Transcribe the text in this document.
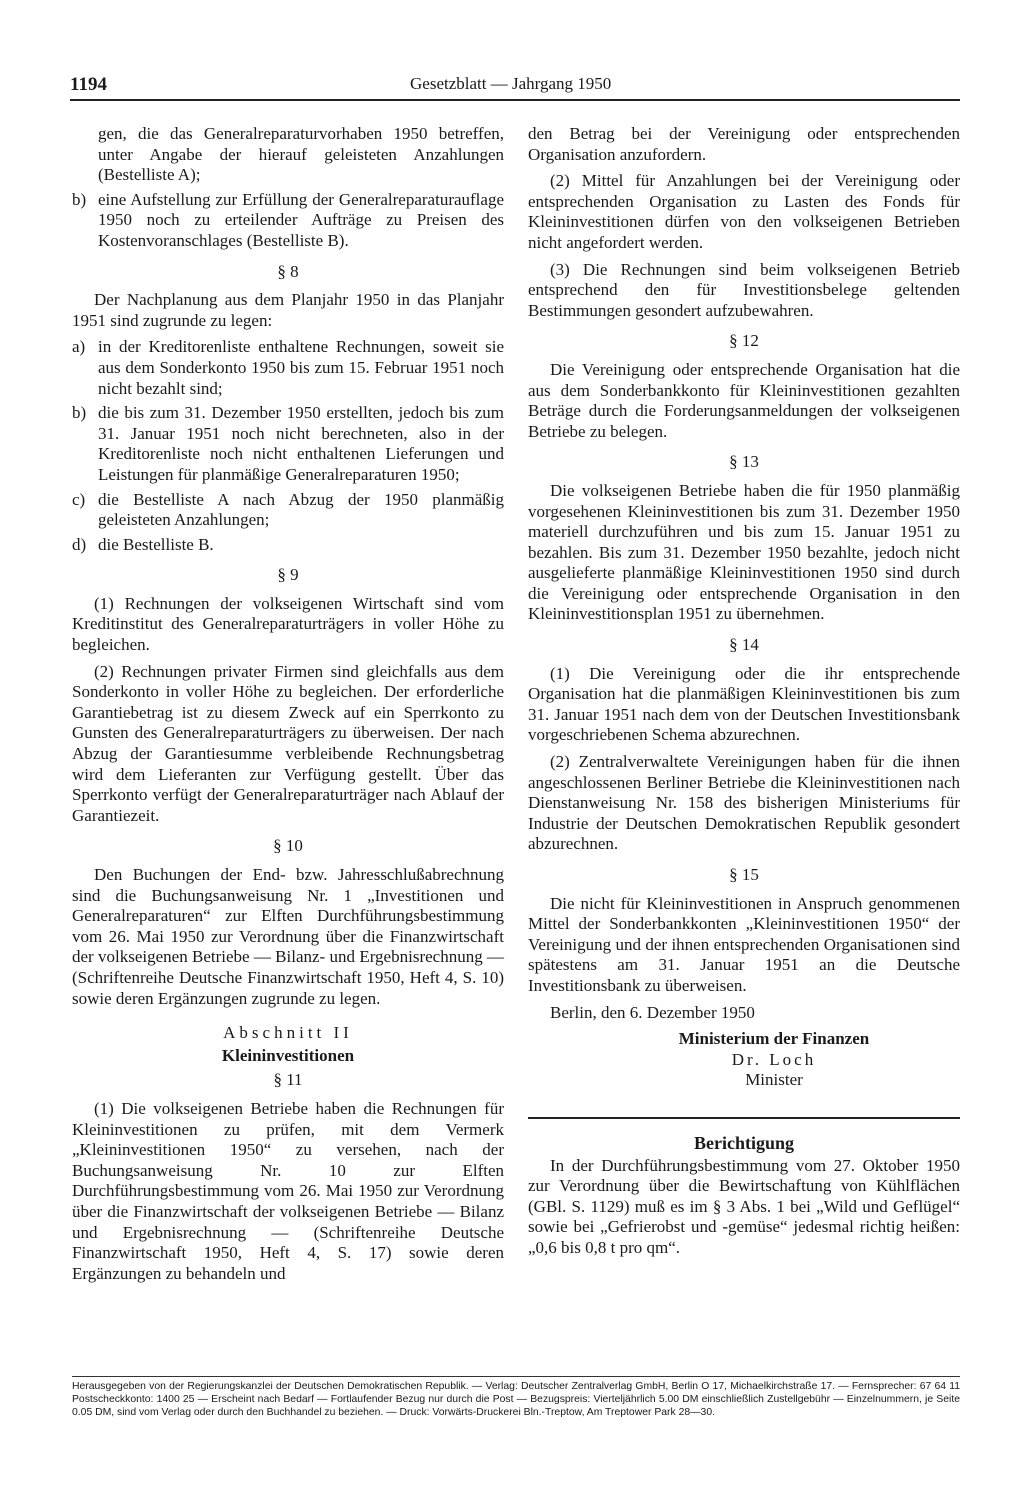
1194	Gesetzblatt — Jahrgang 1950
gen, die das Generalreparaturvorhaben 1950 betreffen, unter Angabe der hierauf geleisteten Anzahlungen (Bestelliste A);
b) eine Aufstellung zur Erfüllung der Generalreparaturauflage 1950 noch zu erteilender Aufträge zu Preisen des Kostenvoranschlages (Bestelliste B).
§ 8

Der Nachplanung aus dem Planjahr 1950 in das Planjahr 1951 sind zugrunde zu legen:

a) in der Kreditorenliste enthaltene Rechnungen, soweit sie aus dem Sonderkonto 1950 bis zum 15. Februar 1951 noch nicht bezahlt sind;
b) die bis zum 31. Dezember 1950 erstellten, jedoch bis zum 31. Januar 1951 noch nicht berechneten, also in der Kreditorenliste noch nicht enthaltenen Lieferungen und Leistungen für planmäßige Generalreparaturen 1950;
c) die Bestelliste A nach Abzug der 1950 planmäßig geleisteten Anzahlungen;
d) die Bestelliste B.
§ 9

(1) Rechnungen der volkseigenen Wirtschaft sind vom Kreditinstitut des Generalreparaturträgers in voller Höhe zu begleichen.

(2) Rechnungen privater Firmen sind gleichfalls aus dem Sonderkonto in voller Höhe zu begleichen. Der erforderliche Garantiebetrag ist zu diesem Zweck auf ein Sperrkonto zu Gunsten des Generalreparaturträgers zu überweisen. Der nach Abzug der Garantiesumme verbleibende Rechnungsbetrag wird dem Lieferanten zur Verfügung gestellt. Über das Sperrkonto verfügt der Generalreparaturträger nach Ablauf der Garantiezeit.

§ 10

Den Buchungen der End- bzw. Jahresschlußabrechnung sind die Buchungsanweisung Nr. 1 „Investitionen und Generalreparaturen“ zur Elften Durchführungsbestimmung vom 26. Mai 1950 zur Verordnung über die Finanzwirtschaft der volkseigenen Betriebe — Bilanz- und Ergebnisrechnung — (Schriftenreihe Deutsche Finanzwirtschaft 1950, Heft 4, S. 10) sowie deren Ergänzungen zugrunde zu legen.

Abschnitt II
Kleininvestitionen
§ 11

(1) Die volkseigenen Betriebe haben die Rechnungen für Kleininvestitionen zu prüfen, mit dem Vermerk „Kleininvestitionen 1950“ zu versehen, nach der Buchungsanweisung Nr. 10 zur Elften Durchführungsbestimmung vom 26. Mai 1950 zur Verordnung über die Finanzwirtschaft der volkseigenen Betriebe — Bilanz und Ergebnisrechnung — (Schriftenreihe Deutsche Finanzwirtschaft 1950, Heft 4, S. 17) sowie deren Ergänzungen zu behandeln und

den Betrag bei der Vereinigung oder entsprechenden Organisation anzufordern.

(2) Mittel für Anzahlungen bei der Vereinigung oder entsprechenden Organisation zu Lasten des Fonds für Kleininvestitionen dürfen von den volkseigenen Betrieben nicht angefordert werden.

(3) Die Rechnungen sind beim volkseigenen Betrieb entsprechend den für Investitionsbelege geltenden Bestimmungen gesondert aufzubewahren.

§ 12

Die Vereinigung oder entsprechende Organisation hat die aus dem Sonderbankkonto für Kleininvestitionen gezahlten Beträge durch die Forderungsanmeldungen der volkseigenen Betriebe zu belegen.

§ 13

Die volkseigenen Betriebe haben die für 1950 planmäßig vorgesehenen Kleininvestitionen bis zum 31. Dezember 1950 materiell durchzuführen und bis zum 15. Januar 1951 zu bezahlen. Bis zum 31. Dezember 1950 bezahlte, jedoch nicht ausgelieferte planmäßige Kleininvestitionen 1950 sind durch die Vereinigung oder entsprechende Organisation in den Kleininvestitionsplan 1951 zu übernehmen.

§ 14

(1) Die Vereinigung oder die ihr entsprechende Organisation hat die planmäßigen Kleininvestitionen bis zum 31. Januar 1951 nach dem von der Deutschen Investitionsbank vorgeschriebenen Schema abzurechnen.

(2) Zentralverwaltete Vereinigungen haben für die ihnen angeschlossenen Berliner Betriebe die Kleininvestitionen nach Dienstanweisung Nr. 158 des bisherigen Ministeriums für Industrie der Deutschen Demokratischen Republik gesondert abzurechnen.

§ 15

Die nicht für Kleininvestitionen in Anspruch genommenen Mittel der Sonderbankkonten „Kleininvestitionen 1950“ der Vereinigung und der ihnen entsprechenden Organisationen sind spätestens am 31. Januar 1951 an die Deutsche Investitionsbank zu überweisen.

Berlin, den 6. Dezember 1950

Ministerium der Finanzen

Dr. Loch

Minister

Berichtigung

In der Durchführungsbestimmung vom 27. Oktober 1950 zur Verordnung über die Bewirtschaftung von Kühlflächen (GBl. S. 1129) muß es im § 3 Abs. 1 bei „Wild und Geflügel“ sowie bei „Gefrierobst und -gemüse“ jedesmal richtig heißen: „0,6 bis 0,8 t pro qm“.

Herausgegeben von der Regierungskanzlei der Deutschen Demokratischen Republik. — Verlag: Deutscher Zentralverlag GmbH, Berlin O 17, Michaelkirchstraße 17. — Fernsprecher: 67 64 11 Postscheckkonto: 1400 25 — Erscheint nach Bedarf — Fortlaufender Bezug nur durch die Post — Bezugspreis: Vierteljährlich 5.00 DM einschließlich Zustellgebühr — Einzelnummern, je Seite 0.05 DM, sind vom Verlag oder durch den Buchhandel zu beziehen. — Druck: Vorwärts-Druckerei Bln.-Treptow, Am Treptower Park 28—30.
